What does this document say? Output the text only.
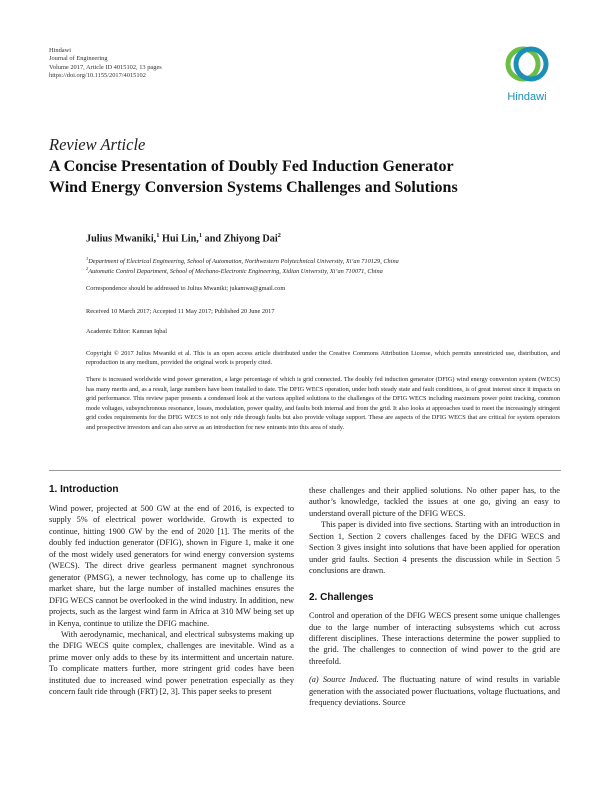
Hindawi
Journal of Engineering
Volume 2017, Article ID 4015102, 13 pages
https://doi.org/10.1155/2017/4015102
Hindawi
Review Article
A Concise Presentation of Doubly Fed Induction Generator
Wind Energy Conversion Systems Challenges and Solutions
Julius Mwaniki,$^1$ Hui Lin,$^1$ and Zhiyong Dai$^2$
$^1$Department of Electrical Engineering, School of Automation, Northwestern Polytechnical University, Xi’an 710129, China
$^2$Automatic Control Department, School of Mechano-Electronic Engineering, Xidian University, Xi’an 710071, China
Correspondence should be addressed to Julius Mwaniki; jukamwa@gmail.com
Received 10 March 2017; Accepted 11 May 2017; Published 20 June 2017
Academic Editor: Kamran Iqbal
Copyright © 2017 Julius Mwaniki et al. This is an open access article distributed under the Creative Commons Attribution License, which permits unrestricted use, distribution, and reproduction in any medium, provided the original work is properly cited.
There is increased worldwide wind power generation, a large percentage of which is grid connected. The doubly fed induction generator (DFIG) wind energy conversion system (WECS) has many merits and, as a result, large numbers have been installed to date. The DFIG WECS operation, under both steady state and fault conditions, is of great interest since it impacts on grid performance. This review paper presents a condensed look at the various applied solutions to the challenges of the DFIG WECS including maximum power point tracking, common mode voltages, subsynchronous resonance, losses, modulation, power quality, and faults both internal and from the grid. It also looks at approaches used to meet the increasingly stringent grid codes requirements for the DFIG WECS to not only ride through faults but also provide voltage support. These are aspects of the DFIG WECS that are critical for system operators and prospective investors and can also serve as an introduction for new entrants into this area of study.
1. Introduction

Wind power, projected at 500 GW at the end of 2016, is expected to supply 5% of electrical power worldwide. Growth is expected to continue, hitting 1900 GW by the end of 2020 [1]. The merits of the doubly fed induction generator (DFIG), shown in Figure 1, make it one of the most widely used generators for wind energy conversion systems (WECS). The direct drive gearless permanent magnet synchronous generator (PMSG), a newer technology, has come up to challenge its market share, but the large number of installed machines ensures the DFIG WECS cannot be overlooked in the wind industry. In addition, new projects, such as the largest wind farm in Africa at 310 MW being set up in Kenya, continue to utilize the DFIG machine.

With aerodynamic, mechanical, and electrical subsystems making up the DFIG WECS quite complex, challenges are inevitable. Wind as a prime mover only adds to these by its intermittent and uncertain nature. To complicate matters further, more stringent grid codes have been instituted due to increased wind power penetration especially as they concern fault ride through (FRT) [2, 3]. This paper seeks to present

these challenges and their applied solutions. No other paper has, to the author’s knowledge, tackled the issues at one go, giving an easy to understand overall picture of the DFIG WECS.

This paper is divided into five sections. Starting with an introduction in Section 1, Section 2 covers challenges faced by the DFIG WECS and Section 3 gives insight into solutions that have been applied for operation under grid faults. Section 4 presents the discussion while in Section 5 conclusions are drawn.

2. Challenges

Control and operation of the DFIG WECS present some unique challenges due to the large number of interacting subsystems which cut across different disciplines. These interactions determine the power supplied to the grid. The challenges to connection of wind power to the grid are threefold.

(a) Source Induced. The fluctuating nature of wind results in variable generation with the associated power fluctuations, voltage fluctuations, and frequency deviations. Source
